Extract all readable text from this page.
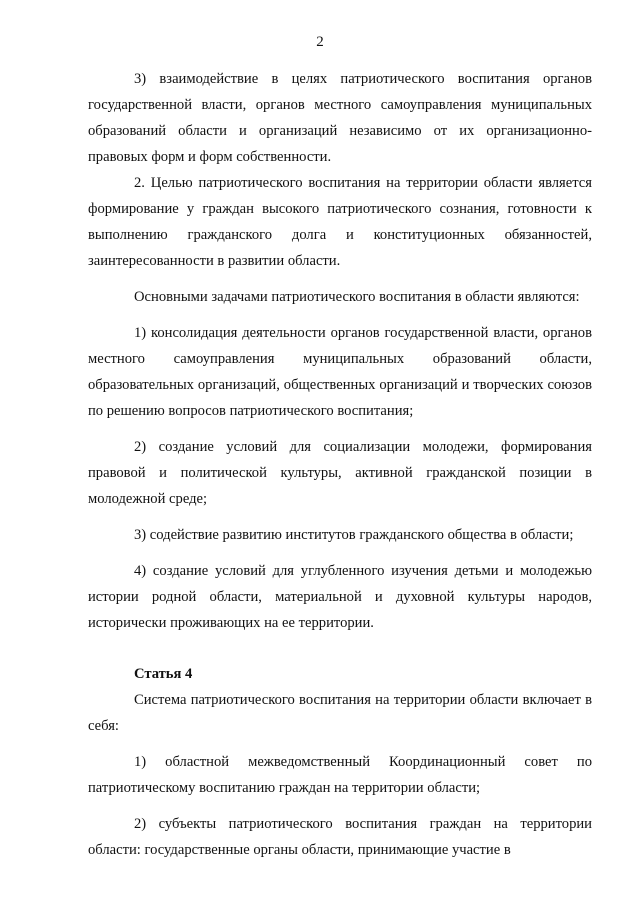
2

3) взаимодействие в целях патриотического воспитания органов государственной власти, органов местного самоуправления муниципальных образований области и организаций независимо от их организационно-правовых форм и форм собственности.

2. Целью патриотического воспитания на территории области является формирование у граждан высокого патриотического сознания, готовности к выполнению гражданского долга и конституционных обязанностей, заинтересованности в развитии области.

Основными задачами патриотического воспитания в области являются:

1) консолидация деятельности органов государственной власти, органов местного самоуправления муниципальных образований области, образовательных организаций, общественных организаций и творческих союзов по решению вопросов патриотического воспитания;

2) создание условий для социализации молодежи, формирования правовой и политической культуры, активной гражданской позиции в молодежной среде;

3) содействие развитию институтов гражданского общества в области;

4) создание условий для углубленного изучения детьми и молодежью истории родной области, материальной и духовной культуры народов, исторически проживающих на ее территории.

Статья 4

Система патриотического воспитания на территории области включает в себя:

1) областной межведомственный Координационный совет по патриотическому воспитанию граждан на территории области;

2) субъекты патриотического воспитания граждан на территории области: государственные органы области, принимающие участие в
